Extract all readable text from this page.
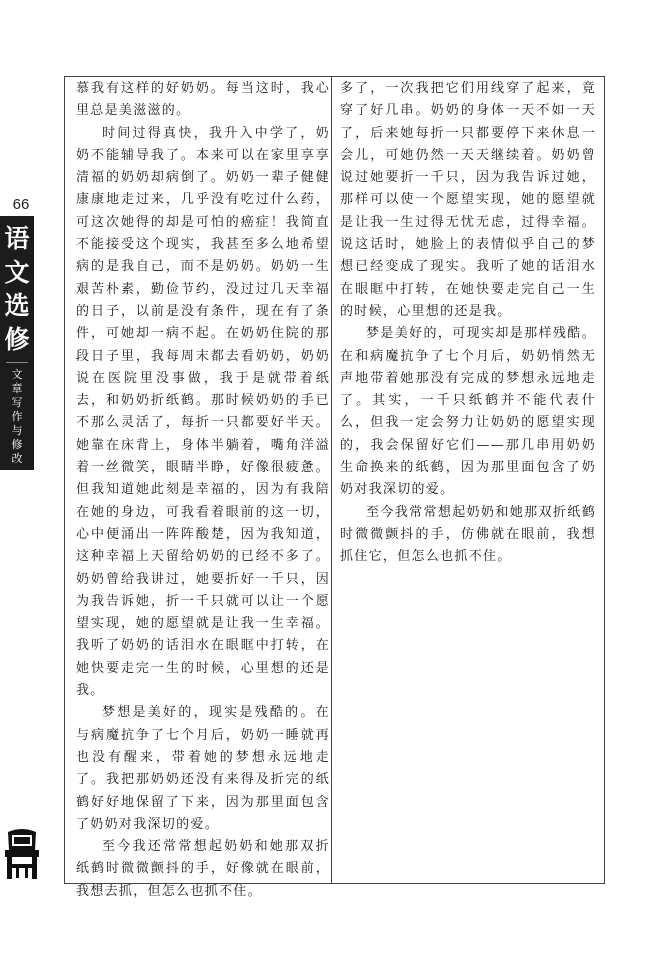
66
语
文
选
修
文
章
写
作
与
修
改

慕我有这样的好奶奶。每当这时，我心里总是美滋滋的。

时间过得真快，我升入中学了，奶奶不能辅导我了。本来可以在家里享享清福的奶奶却病倒了。奶奶一辈子健健康康地走过来，几乎没有吃过什么药，可这次她得的却是可怕的癌症！我简直不能接受这个现实，我甚至多么地希望病的是我自己，而不是奶奶。奶奶一生艰苦朴素，勤俭节约，没过过几天幸福的日子，以前是没有条件，现在有了条件，可她却一病不起。在奶奶住院的那段日子里，我每周末都去看奶奶，奶奶说在医院里没事做，我于是就带着纸去，和奶奶折纸鹤。那时候奶奶的手已不那么灵活了，每折一只都要好半天。她靠在床背上，身体半躺着，嘴角洋溢着一丝微笑，眼睛半睁，好像很疲惫。但我知道她此刻是幸福的，因为有我陪在她的身边，可我看着眼前的这一切，心中便涌出一阵阵酸楚，因为我知道，这种幸福上天留给奶奶的已经不多了。奶奶曾给我讲过，她要折好一千只，因为我告诉她，折一千只就可以让一个愿望实现，她的愿望就是让我一生幸福。我听了奶奶的话泪水在眼眶中打转，在她快要走完一生的时候，心里想的还是我。

梦想是美好的，现实是残酷的。在与病魔抗争了七个月后，奶奶一睡就再也没有醒来，带着她的梦想永远地走了。我把那奶奶还没有来得及折完的纸鹤好好地保留了下来，因为那里面包含了奶奶对我深切的爱。

至今我还常常想起奶奶和她那双折纸鹤时微微颤抖的手，好像就在眼前，我想去抓，但怎么也抓不住。

多了，一次我把它们用线穿了起来，竟穿了好几串。奶奶的身体一天不如一天了，后来她每折一只都要停下来休息一会儿，可她仍然一天天继续着。奶奶曾说过她要折一千只，因为我告诉过她，那样可以使一个愿望实现，她的愿望就是让我一生过得无忧无虑，过得幸福。说这话时，她脸上的表情似乎自己的梦想已经变成了现实。我听了她的话泪水在眼眶中打转，在她快要走完自己一生的时候，心里想的还是我。

梦是美好的，可现实却是那样残酷。在和病魔抗争了七个月后，奶奶悄然无声地带着她那没有完成的梦想永远地走了。其实，一千只纸鹤并不能代表什么，但我一定会努力让奶奶的愿望实现的，我会保留好它们——那几串用奶奶生命换来的纸鹤，因为那里面包含了奶奶对我深切的爱。

至今我常常想起奶奶和她那双折纸鹤时微微颤抖的手，仿佛就在眼前，我想抓住它，但怎么也抓不住。
